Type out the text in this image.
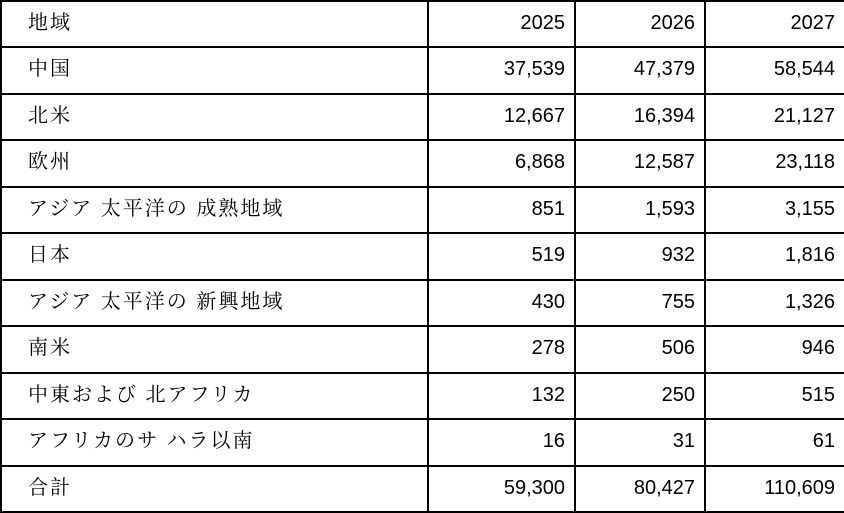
地域	2025	2026	2027
中国	37,539	47,379	58,544
北米	12,667	16,394	21,127
欧州	6,868	12,587	23,118
アジア 太平洋の 成熟地域	851	1,593	3,155
日本	519	932	1,816
アジア 太平洋の 新興地域	430	755	1,326
南米	278	506	946
中東および 北アフリカ	132	250	515
アフリカのサ ハラ以南	16	31	61
合計	59,300	80,427	110,609
